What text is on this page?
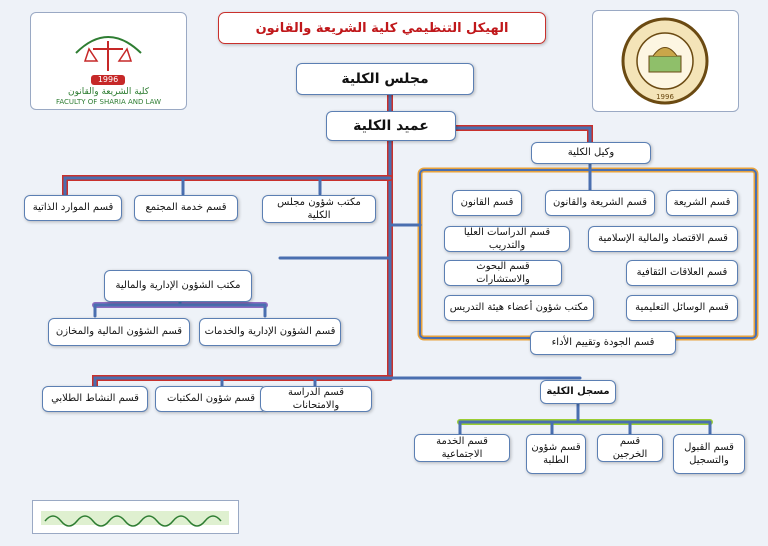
الهيكل التنظيمي كلية الشريعة والقانون
1996
كلية الشريعة والقانون
FACULTY OF SHARIA AND LAW
1996
مجلس الكلية
عميد الكلية
وكيل الكلية
مكتب شؤون مجلس الكلية
قسم خدمة المجتمع
قسم الموارد الذاتية	قسم الشريعة
قسم الشريعة والقانون
قسم القانون
قسم الاقتصاد والمالية الإسلامية
قسم الدراسات العليا والتدريب
قسم العلاقات الثقافية
قسم البحوث والاستشارات
قسم الوسائل التعليمية
مكتب شؤون أعضاء هيئة التدريس
قسم الجودة وتقييم الأداء
مكتب الشؤون الإدارية والمالية
قسم الشؤون الإدارية والخدمات
قسم الشؤون المالية والمخازن
قسم النشاط الطلابي	قسم شؤون المكتبات
قسم الدراسة والامتحانات
مسجل الكلية
قسم الخدمة الاجتماعية
قسم شؤون الطلبة
قسم الخرجين
قسم القبول والتسجيل
